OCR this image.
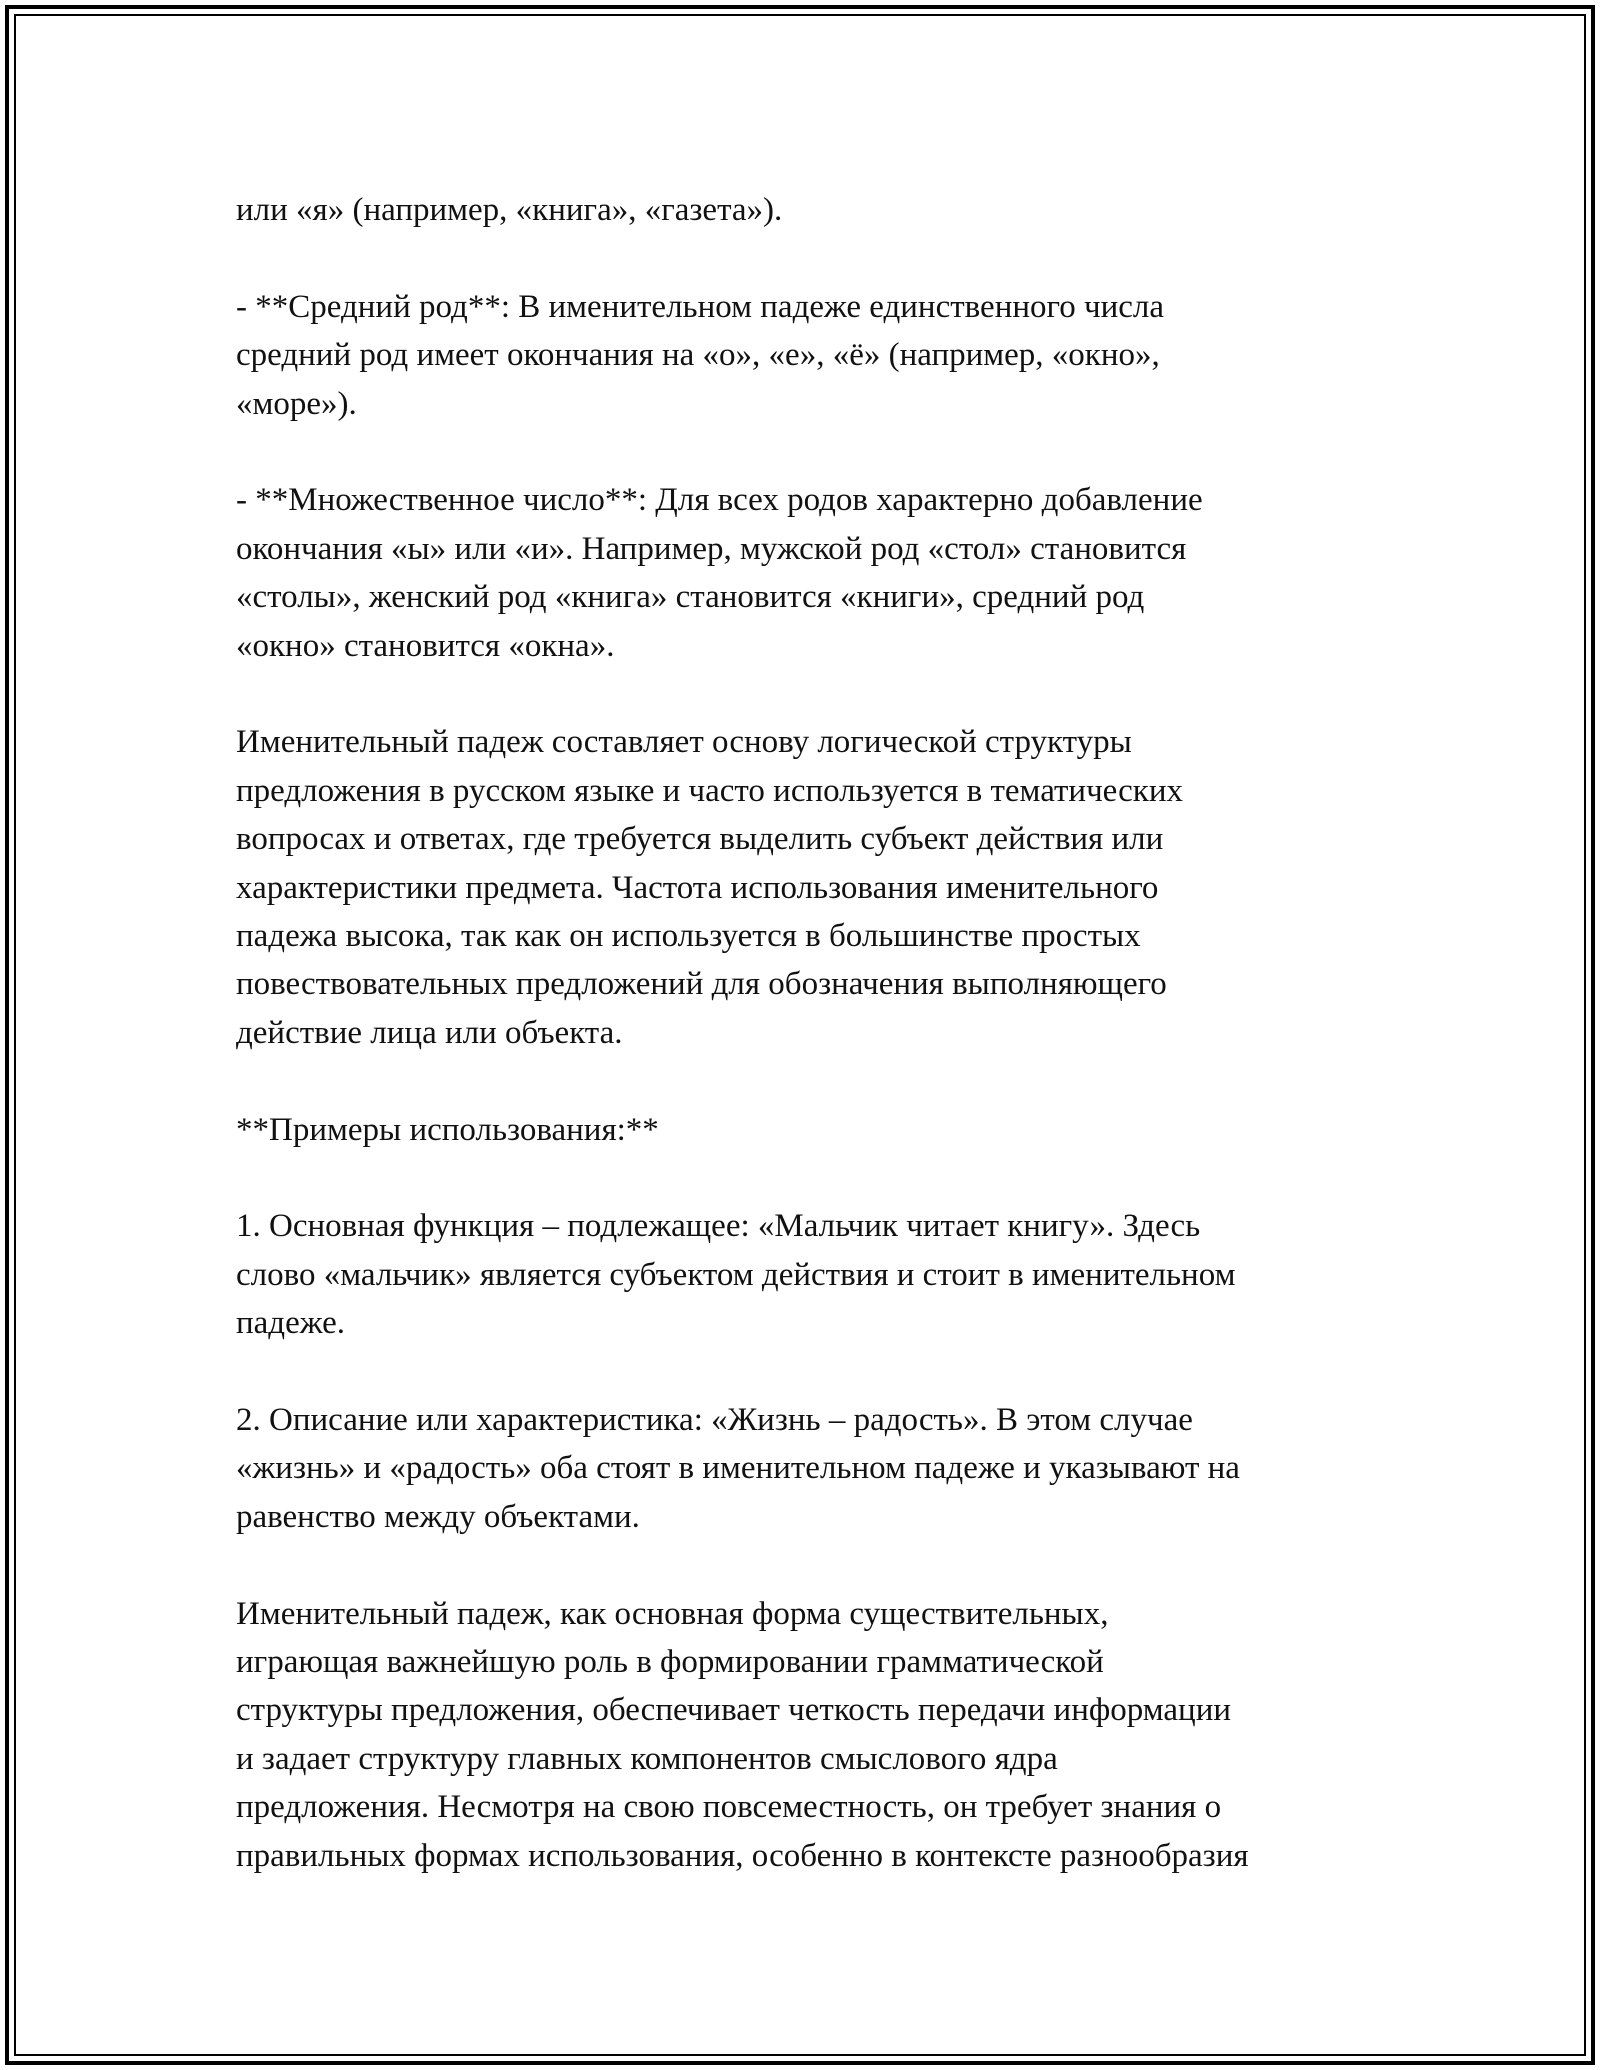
или «я» (например, «книга», «газета»).

- **Средний род**: В именительном падеже единственного числа
средний род имеет окончания на «о», «е», «ё» (например, «окно»,
«море»).

- **Множественное число**: Для всех родов характерно добавление
окончания «ы» или «и». Например, мужской род «стол» становится
«столы», женский род «книга» становится «книги», средний род
«окно» становится «окна».

Именительный падеж составляет основу логической структуры
предложения в русском языке и часто используется в тематических
вопросах и ответах, где требуется выделить субъект действия или
характеристики предмета. Частота использования именительного
падежа высока, так как он используется в большинстве простых
повествовательных предложений для обозначения выполняющего
действие лица или объекта.

**Примеры использования:**

1. Основная функция – подлежащее: «Мальчик читает книгу». Здесь
слово «мальчик» является субъектом действия и стоит в именительном
падеже.

2. Описание или характеристика: «Жизнь – радость». В этом случае
«жизнь» и «радость» оба стоят в именительном падеже и указывают на
равенство между объектами.

Именительный падеж, как основная форма существительных,
играющая важнейшую роль в формировании грамматической
структуры предложения, обеспечивает четкость передачи информации
и задает структуру главных компонентов смыслового ядра
предложения. Несмотря на свою повсеместность, он требует знания о
правильных формах использования, особенно в контексте разнообразия
